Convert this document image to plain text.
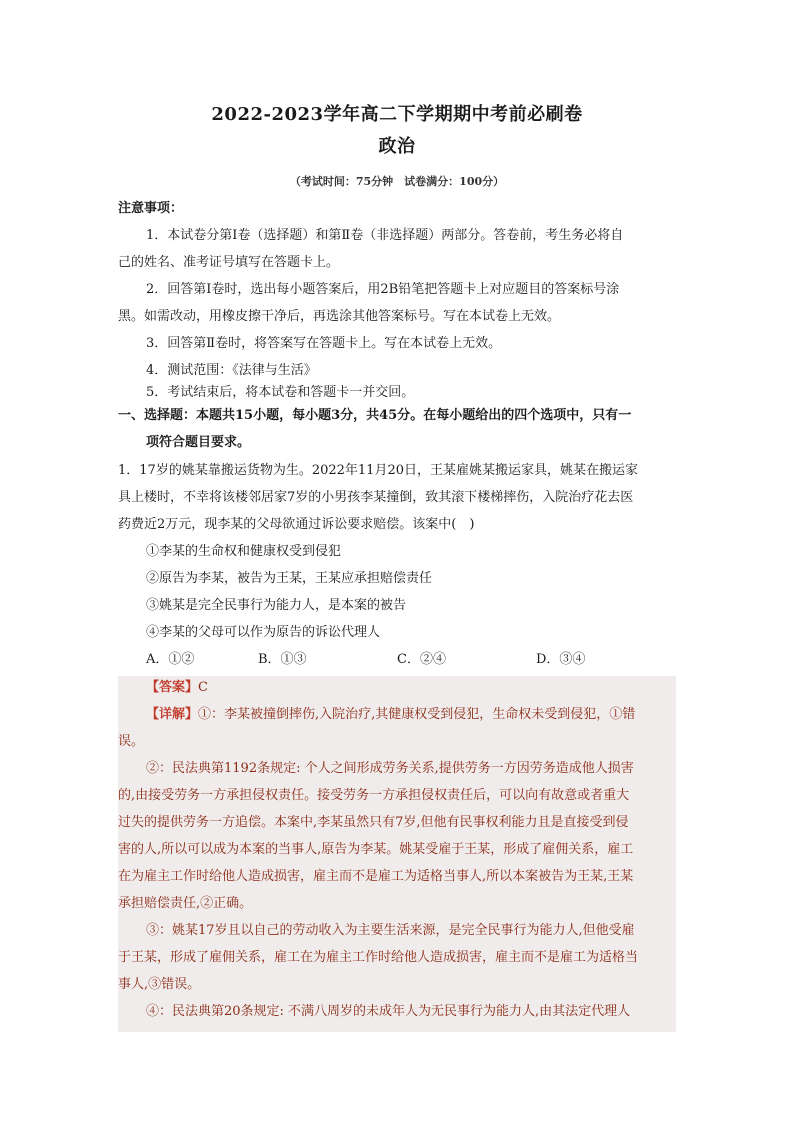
2022-2023学年高二下学期期中考前必刷卷
政治
（考试时间：75分钟　试卷满分：100分）
注意事项：
1．本试卷分第Ⅰ卷（选择题）和第Ⅱ卷（非选择题）两部分。答卷前，考生务必将自
己的姓名、准考证号填写在答题卡上。
2．回答第Ⅰ卷时，选出每小题答案后，用2B铅笔把答题卡上对应题目的答案标号涂
黑。如需改动，用橡皮擦干净后，再选涂其他答案标号。写在本试卷上无效。
3．回答第Ⅱ卷时，将答案写在答题卡上。写在本试卷上无效。
4．测试范围：《法律与生活》
5．考试结束后，将本试卷和答题卡一并交回。
一、选择题：本题共15小题，每小题3分，共45分。在每小题给出的四个选项中，只有一
项符合题目要求。
1．17岁的姚某靠搬运货物为生。2022年11月20日，王某雇姚某搬运家具，姚某在搬运家
具上楼时，不幸将该楼邻居家7岁的小男孩李某撞倒，致其滚下楼梯摔伤，入院治疗花去医
药费近2万元，现李某的父母欲通过诉讼要求赔偿。该案中(　)
①李某的生命权和健康权受到侵犯
②原告为李某，被告为王某，王某应承担赔偿责任
③姚某是完全民事行为能力人，是本案的被告
④李某的父母可以作为原告的诉讼代理人
A．①②	B．①③	C．②④	D．③④
【答案】C
【详解】①：李某被撞倒摔伤,入院治疗,其健康权受到侵犯，生命权未受到侵犯，①错
误。
②：民法典第1192条规定: 个人之间形成劳务关系,提供劳务一方因劳务造成他人损害
的,由接受劳务一方承担侵权责任。接受劳务一方承担侵权责任后，可以向有故意或者重大
过失的提供劳务一方追偿。本案中,李某虽然只有7岁,但他有民事权利能力且是直接受到侵
害的人,所以可以成为本案的当事人,原告为李某。姚某受雇于王某，形成了雇佣关系，雇工
在为雇主工作时给他人造成损害，雇主而不是雇工为适格当事人,所以本案被告为王某,王某
承担赔偿责任,②正确。
③：姚某17岁且以自己的劳动收入为主要生活来源，是完全民事行为能力人,但他受雇
于王某，形成了雇佣关系，雇工在为雇主工作时给他人造成损害，雇主而不是雇工为适格当
事人,③错误。
④：民法典第20条规定: 不满八周岁的未成年人为无民事行为能力人,由其法定代理人
